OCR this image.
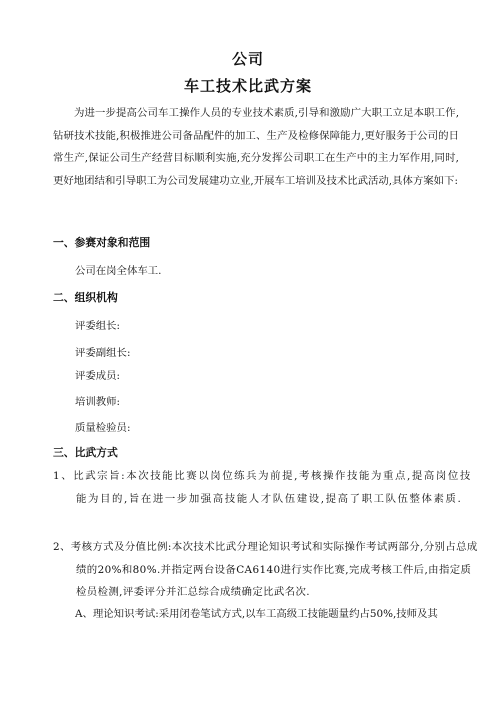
公司
车工技术比武方案

为进一步提高公司车工操作人员的专业技术素质,引导和激励广大职工立足本职工作,钻研技术技能,积极推进公司备品配件的加工、生产及检修保障能力,更好服务于公司的日常生产,保证公司生产经营目标顺利实施,充分发挥公司职工在生产中的主力军作用,同时,更好地团结和引导职工为公司发展建功立业,开展车工培训及技术比武活动,具体方案如下:

一、参赛对象和范围
公司在岗全体车工.
二、组织机构
评委组长:
评委副组长:
评委成员:
培训教师:
质量检验员:
三、比武方式

1、比武宗旨:本次技能比赛以岗位练兵为前提,考核操作技能为重点,提高岗位技能为目的,旨在进一步加强高技能人才队伍建设,提高了职工队伍整体素质.

2、考核方式及分值比例:本次技术比武分理论知识考试和实际操作考试两部分,分别占总成绩的20%和80%.并指定两台设备CA6140进行实作比赛,完成考核工件后,由指定质检员检测,评委评分并汇总综合成绩确定比武名次.

A、理论知识考试:采用闭卷笔试方式,以车工高级工技能题量约占50%,技师及其
